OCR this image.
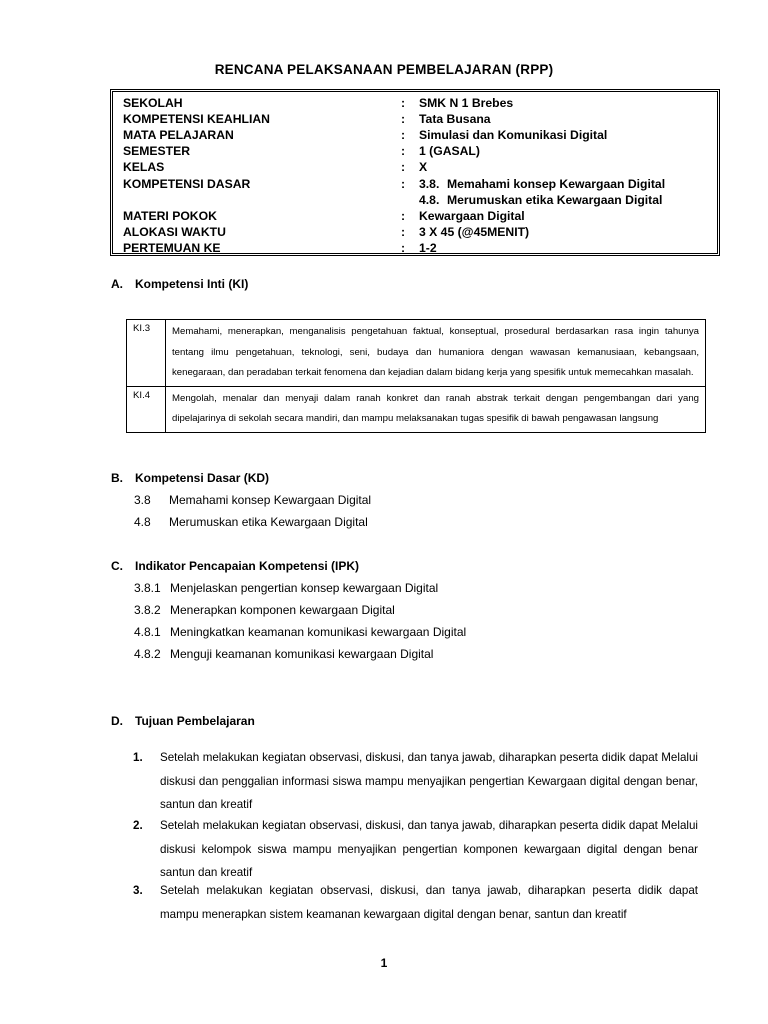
RENCANA PELAKSANAAN PEMBELAJARAN (RPP)
SEKOLAH	: SMK N 1 Brebes
KOMPETENSI KEAHLIAN	: Tata Busana
MATA PELAJARAN	: Simulasi dan Komunikasi Digital
SEMESTER	: 1 (GASAL)
KELAS	: X
KOMPETENSI DASAR	: 3.8. Memahami konsep Kewargaan Digital
4.8. Merumuskan etika Kewargaan Digital
MATERI POKOK	: Kewargaan Digital
ALOKASI WAKTU	: 3 X 45 (@45MENIT)
PERTEMUAN KE	: 1-2
A. Kompetensi Inti (KI)
KI.3	Memahami, menerapkan, menganalisis pengetahuan faktual, konseptual, prosedural berdasarkan rasa ingin tahunya tentang ilmu pengetahuan, teknologi, seni, budaya dan humaniora dengan wawasan kemanusiaan, kebangsaan, kenegaraan, dan peradaban terkait fenomena dan kejadian dalam bidang kerja yang spesifik untuk memecahkan masalah.
KI.4	Mengolah, menalar dan menyaji dalam ranah konkret dan ranah abstrak terkait dengan pengembangan dari yang dipelajarinya di sekolah secara mandiri, dan mampu melaksanakan tugas spesifik di bawah pengawasan langsung
B. Kompetensi Dasar (KD)
3.8 Memahami konsep Kewargaan Digital
4.8 Merumuskan etika Kewargaan Digital
C. Indikator Pencapaian Kompetensi (IPK)
3.8.1 Menjelaskan pengertian konsep kewargaan Digital
3.8.2 Menerapkan komponen kewargaan Digital
4.8.1 Meningkatkan keamanan komunikasi kewargaan Digital
4.8.2 Menguji keamanan komunikasi kewargaan Digital
D. Tujuan Pembelajaran
1.	Setelah melakukan kegiatan observasi, diskusi, dan tanya jawab, diharapkan peserta didik dapat Melalui diskusi dan penggalian informasi siswa mampu menyajikan pengertian Kewargaan digital dengan benar, santun dan kreatif
2.	Setelah melakukan kegiatan observasi, diskusi, dan tanya jawab, diharapkan peserta didik dapat Melalui diskusi kelompok siswa mampu menyajikan pengertian komponen kewargaan digital dengan benar santun dan kreatif
3.	Setelah melakukan kegiatan observasi, diskusi, dan tanya jawab, diharapkan peserta didik dapat mampu menerapkan sistem keamanan kewargaan digital dengan benar, santun dan kreatif
1
